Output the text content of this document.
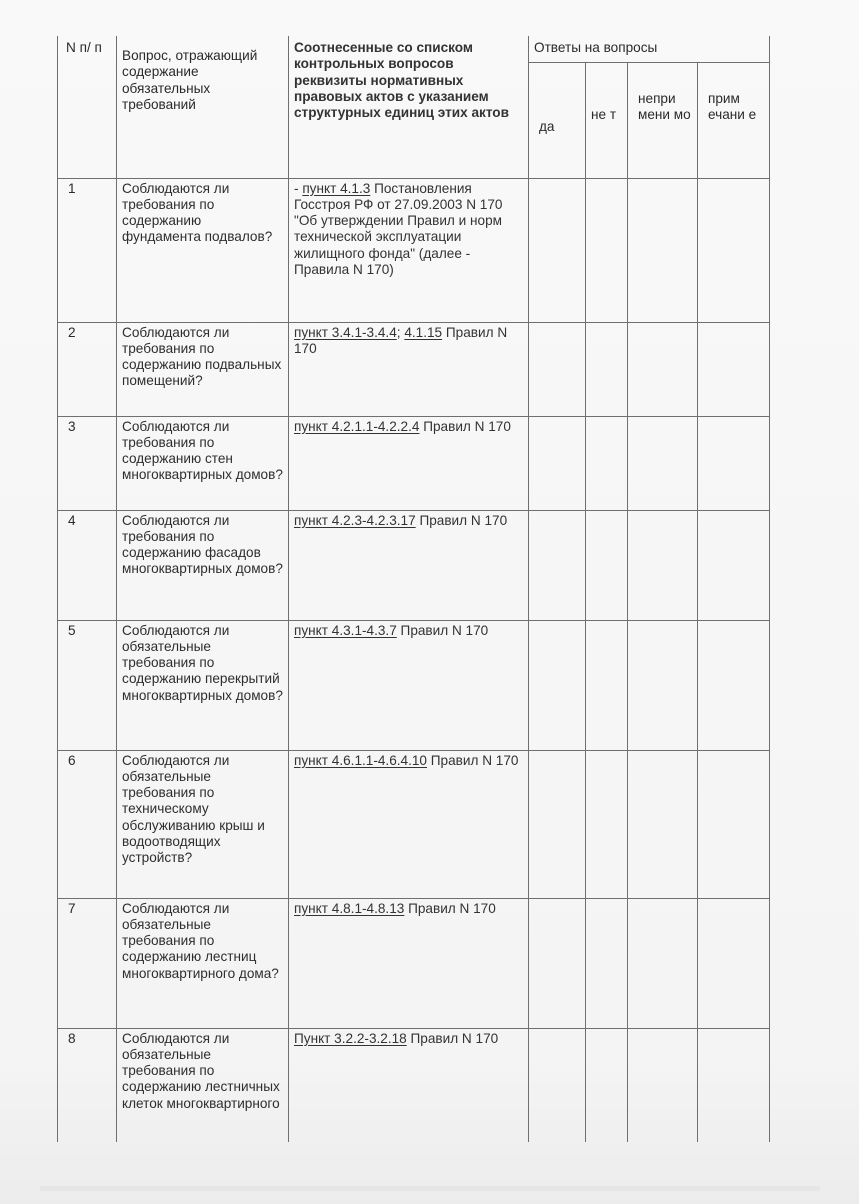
N п/ п	Вопрос, отражающий содержание обязательных требований	Соотнесенные со списком контрольных вопросов реквизиты нормативных правовых актов с указанием структурных единиц этих актов	Ответы на вопросы			
			да	не т	непри мени мо	прим ечани е
1	Соблюдаются ли требования по содержанию фундамента подвалов?	- пункт 4.1.3 Постановления Госстроя РФ от 27.09.2003 N 170 "Об утверждении Правил и норм технической эксплуатации жилищного фонда" (далее - Правила N 170)				
2	Соблюдаются ли требования по содержанию подвальных помещений?	пункт 3.4.1-3.4.4; 4.1.15 Правил N 170				
3	Соблюдаются ли требования по содержанию стен многоквартирных домов?	пункт 4.2.1.1-4.2.2.4 Правил N 170				
4	Соблюдаются ли требования по содержанию фасадов многоквартирных домов?	пункт 4.2.3-4.2.3.17 Правил N 170				
5	Соблюдаются ли обязательные требования по содержанию перекрытий многоквартирных домов?	пункт 4.3.1-4.3.7 Правил N 170				
6	Соблюдаются ли обязательные требования по техническому обслуживанию крыш и водоотводящих устройств?	пункт 4.6.1.1-4.6.4.10 Правил N 170				
7	Соблюдаются ли обязательные требования по содержанию лестниц многоквартирного дома?	пункт 4.8.1-4.8.13 Правил N 170				
8	Соблюдаются ли обязательные требования по содержанию лестничных клеток многоквартирного	Пункт 3.2.2-3.2.18 Правил N 170				
